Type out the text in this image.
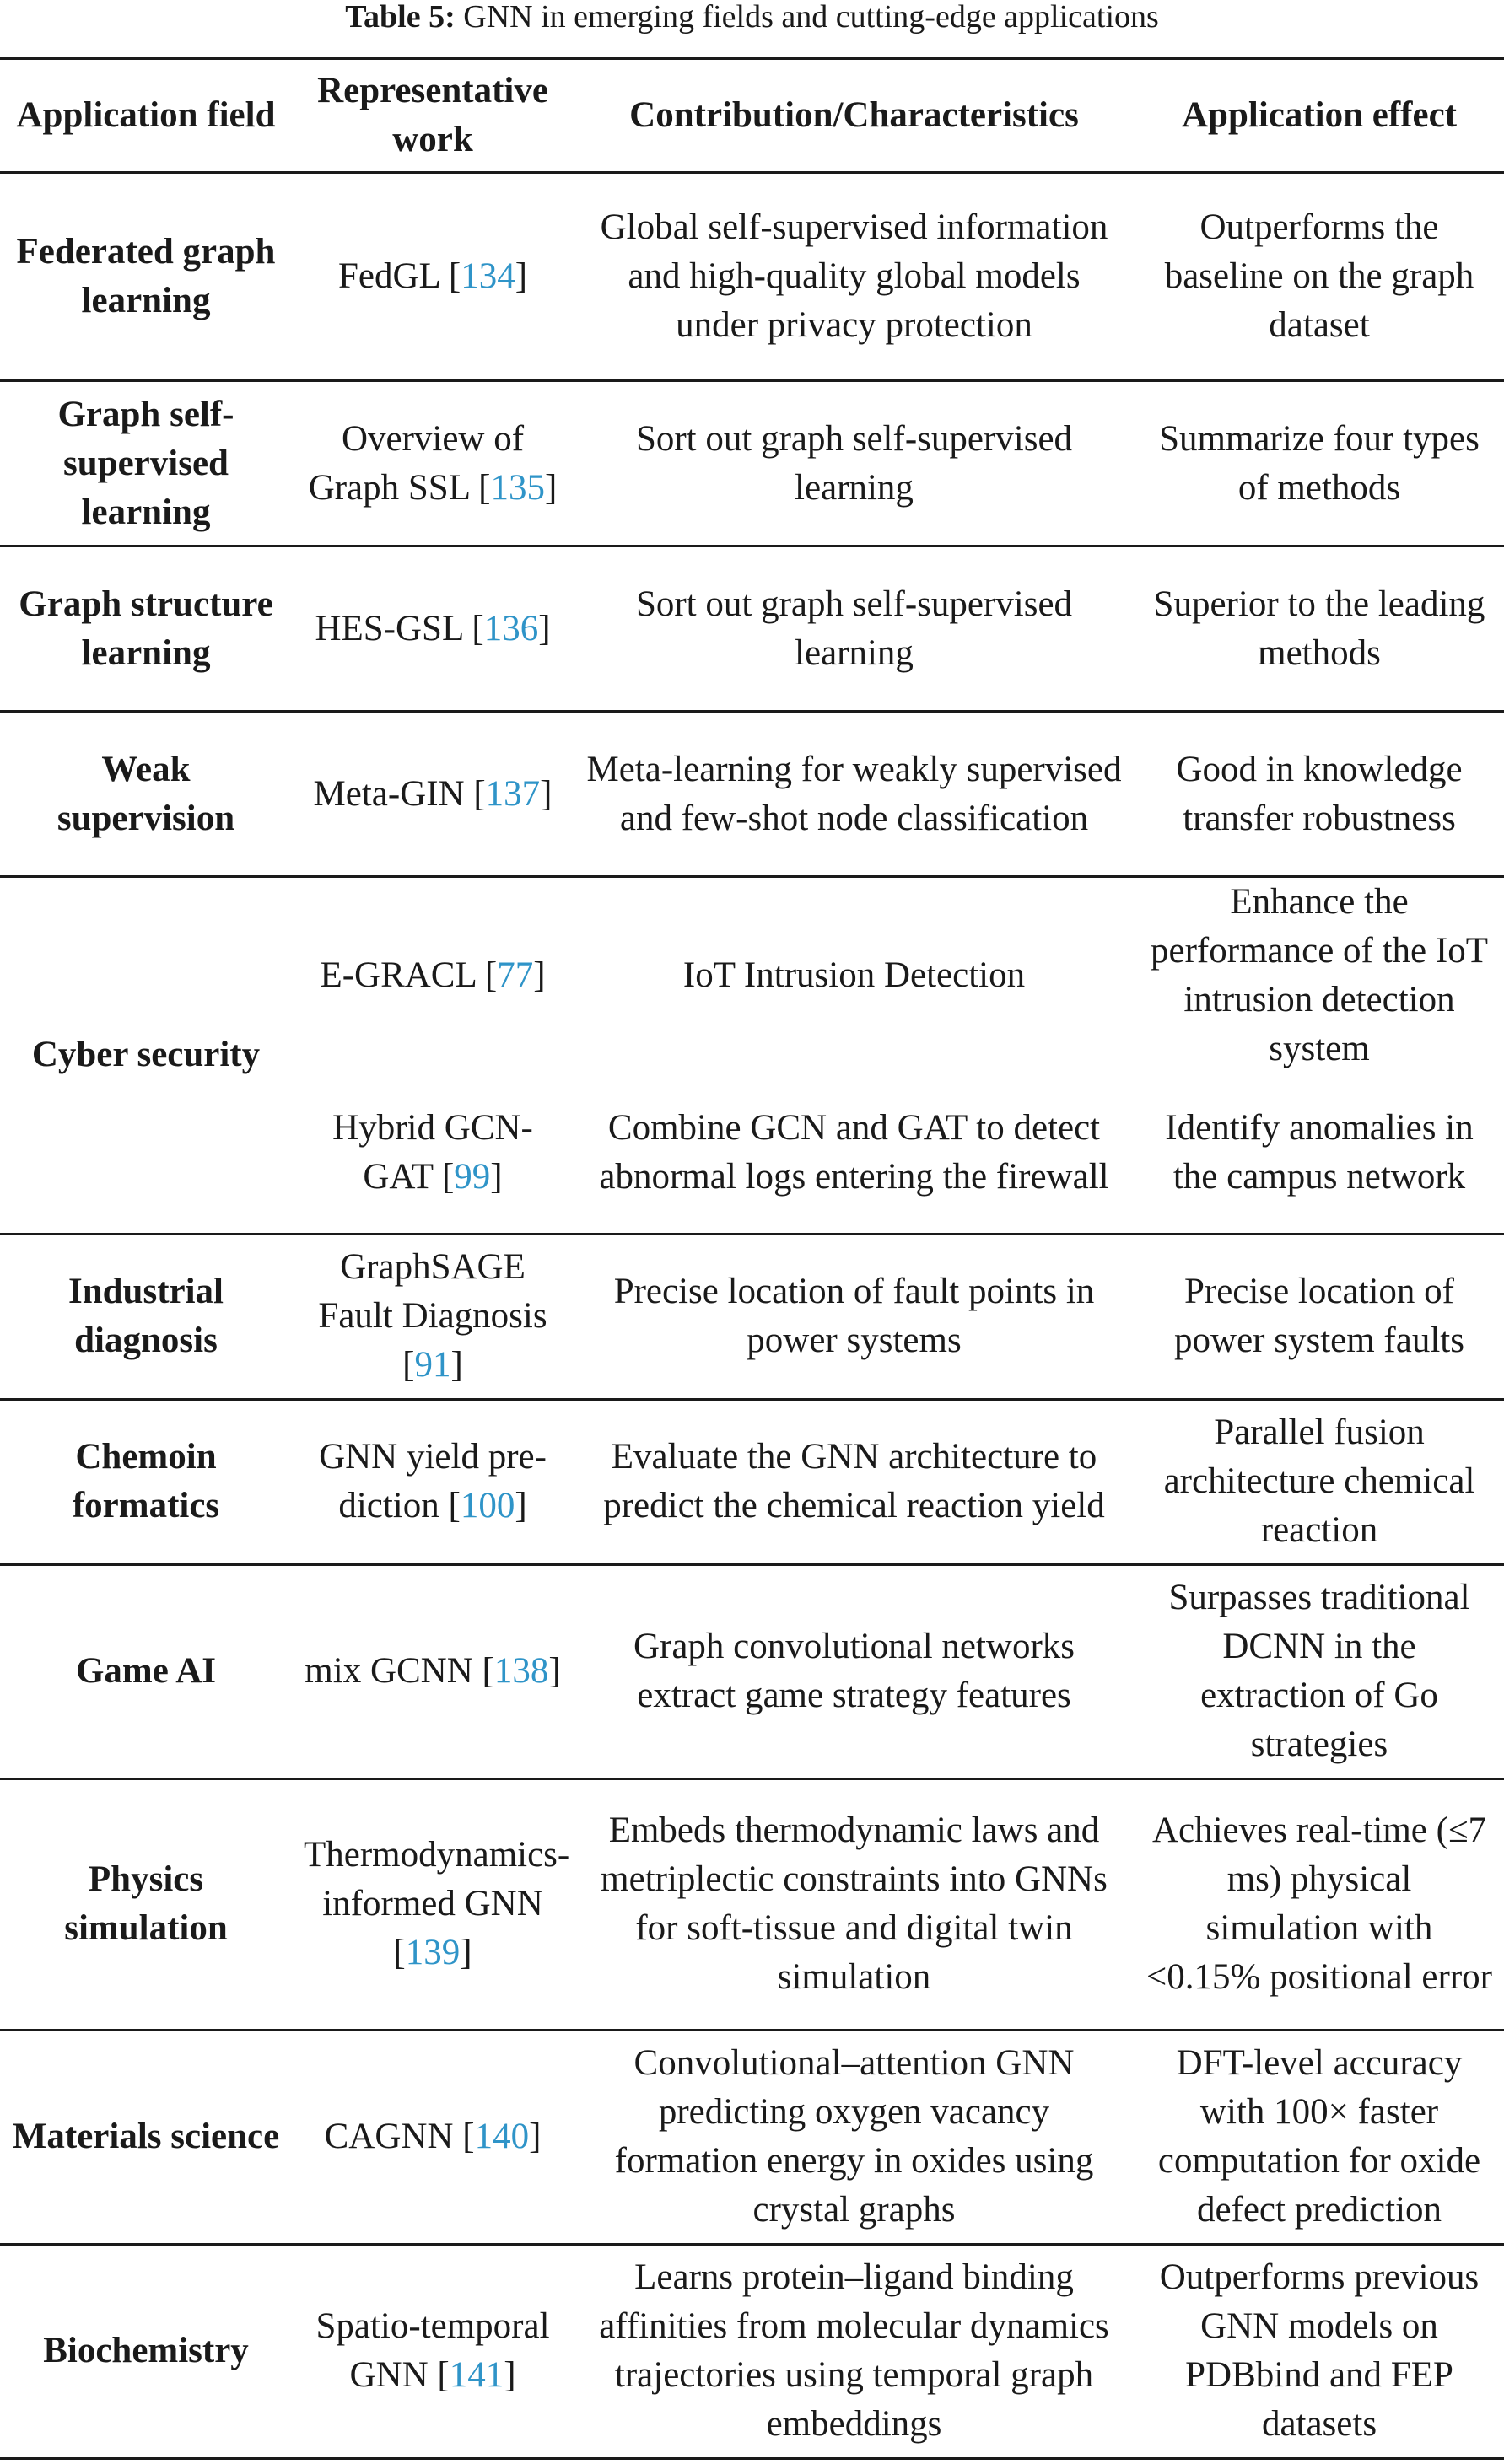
Table 5: GNN in emerging fields and cutting-edge applications
Application field	Representative work	Contribution/Characteristics	Application effect
Federated graph learning	FedGL [134]	Global self-supervised information and high-quality global models under privacy protection	Outperforms the baseline on the graph dataset
Graph self-supervised learning	Overview of Graph SSL [135]	Sort out graph self-supervised learning	Summarize four types of methods
Graph structure learning	HES-GSL [136]	Sort out graph self-supervised learning	Superior to the leading methods
Weak supervision	Meta-GIN [137]	Meta-learning for weakly supervised and few-shot node classification	Good in knowledge transfer robustness
Cyber security	E-GRACL [77]	IoT Intrusion Detection	Enhance the performance of the IoT intrusion detection system
	Hybrid GCN-GAT [99]	Combine GCN and GAT to detect abnormal logs entering the firewall	Identify anomalies in the campus network
Industrial diagnosis	GraphSAGE Fault Diagnosis [91]	Precise location of fault points in power systems	Precise location of power system faults
Chemoin formatics	GNN yield pre-diction [100]	Evaluate the GNN architecture to predict the chemical reaction yield	Parallel fusion architecture chemical reaction
Game AI	mix GCNN [138]	Graph convolutional networks extract game strategy features	Surpasses traditional DCNN in the extraction of Go strategies
Physics simulation	Thermodynamics-informed GNN [139]	Embeds thermodynamic laws and metriplectic constraints into GNNs for soft-tissue and digital twin simulation	Achieves real-time (≤7 ms) physical simulation with <0.15% positional error
Materials science	CAGNN [140]	Convolutional–attention GNN predicting oxygen vacancy formation energy in oxides using crystal graphs	DFT-level accuracy with 100× faster computation for oxide defect prediction
Biochemistry	Spatio-temporal GNN [141]	Learns protein–ligand binding affinities from molecular dynamics trajectories using temporal graph embeddings	Outperforms previous GNN models on PDBbind and FEP datasets
